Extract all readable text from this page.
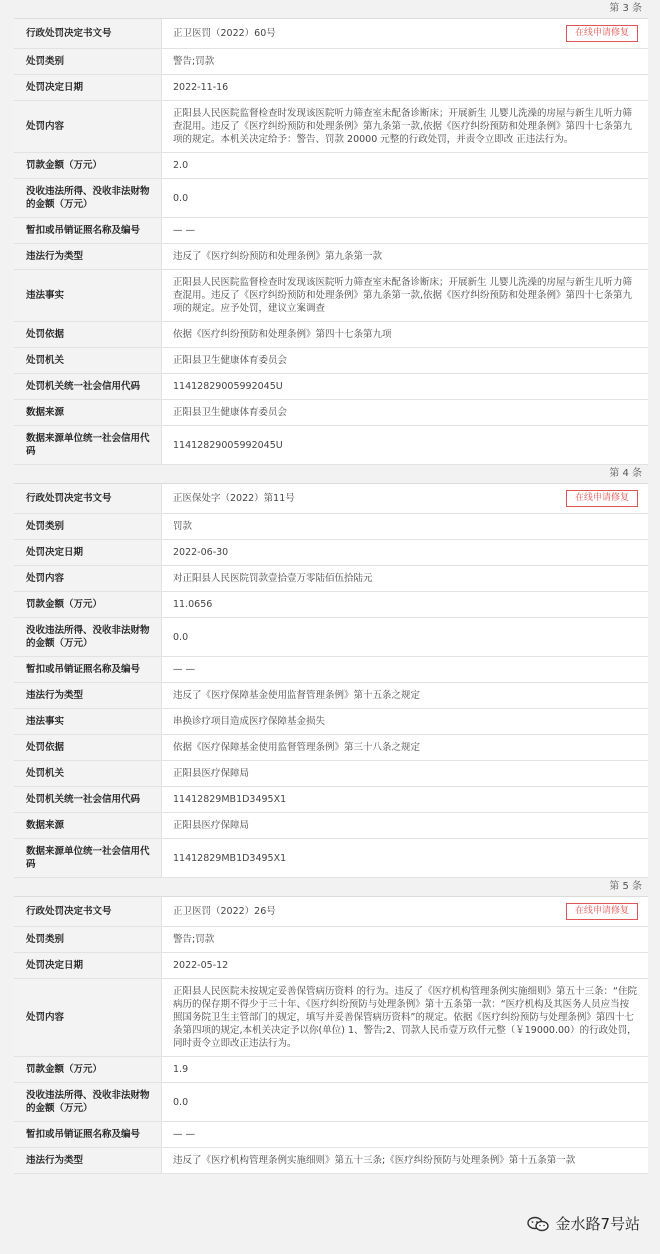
第 3 条
行政处罚决定书文号	正卫医罚（2022）60号 在线申请修复

处罚类别	警告;罚款
处罚决定日期	2022-11-16
处罚内容	正阳县人民医院监督检查时发现该医院听力筛查室未配备诊断床；开展新生 儿婴儿洗澡的房屋与新生儿听力筛查混用。违反了《医疗纠纷预防和处理条例》第九条第一款,依据《医疗纠纷预防和处理条例》第四十七条第九项的规定。本机关决定给予：警告、罚款 20000 元整的行政处罚，并责令立即改 正违法行为。
罚款金额（万元）	2.0
没收违法所得、没收非法财物的金额（万元）	0.0
暂扣或吊销证照名称及编号	— —
违法行为类型	违反了《医疗纠纷预防和处理条例》第九条第一款
违法事实	正阳县人民医院监督检查时发现该医院听力筛查室未配备诊断床；开展新生 儿婴儿洗澡的房屋与新生儿听力筛查混用。违反了《医疗纠纷预防和处理条例》第九条第一款,依据《医疗纠纷预防和处理条例》第四十七条第九项的规定。应予处罚，建议立案调查
处罚依据	依据《医疗纠纷预防和处理条例》第四十七条第九项
处罚机关	正阳县卫生健康体育委员会
处罚机关统一社会信用代码	11412829005992045U
数据来源	正阳县卫生健康体育委员会
数据来源单位统一社会信用代码	11412829005992045U
第 4 条
行政处罚决定书文号	正医保处字（2022）第11号 在线申请修复

处罚类别	罚款
处罚决定日期	2022-06-30
处罚内容	对正阳县人民医院罚款壹拾壹万零陆佰伍拾陆元
罚款金额（万元）	11.0656
没收违法所得、没收非法财物的金额（万元）	0.0
暂扣或吊销证照名称及编号	— —
违法行为类型	违反了《医疗保障基金使用监督管理条例》第十五条之规定
违法事实	串换诊疗项目造成医疗保障基金损失
处罚依据	依据《医疗保障基金使用监督管理条例》第三十八条之规定
处罚机关	正阳县医疗保障局
处罚机关统一社会信用代码	11412829MB1D3495X1
数据来源	正阳县医疗保障局
数据来源单位统一社会信用代码	11412829MB1D3495X1
第 5 条
行政处罚决定书文号	正卫医罚（2022）26号 在线申请修复

处罚类别	警告;罚款
处罚决定日期	2022-05-12
处罚内容	正阳县人民医院未按规定妥善保管病历资料 的行为。违反了《医疗机构管理条例实施细则》第五十三条：“住院病历的保存期不得少于三十年、《医疗纠纷预防与处理条例》第十五条第一款：“医疗机构及其医务人员应当按照国务院卫生主管部门的规定，填写并妥善保管病历资料”的规定。依据《医疗纠纷预防与处理条例》第四十七条第四项的规定,本机关决定予以你(单位) 1、警告;2、罚款人民币壹万玖仟元整（￥19000.00）的行政处罚，同时责令立即改正违法行为。
罚款金额（万元）	1.9
没收违法所得、没收非法财物的金额（万元）	0.0
暂扣或吊销证照名称及编号	— —
违法行为类型	违反了《医疗机构管理条例实施细则》第五十三条;《医疗纠纷预防与处理条例》第十五条第一款
金水路7号站
